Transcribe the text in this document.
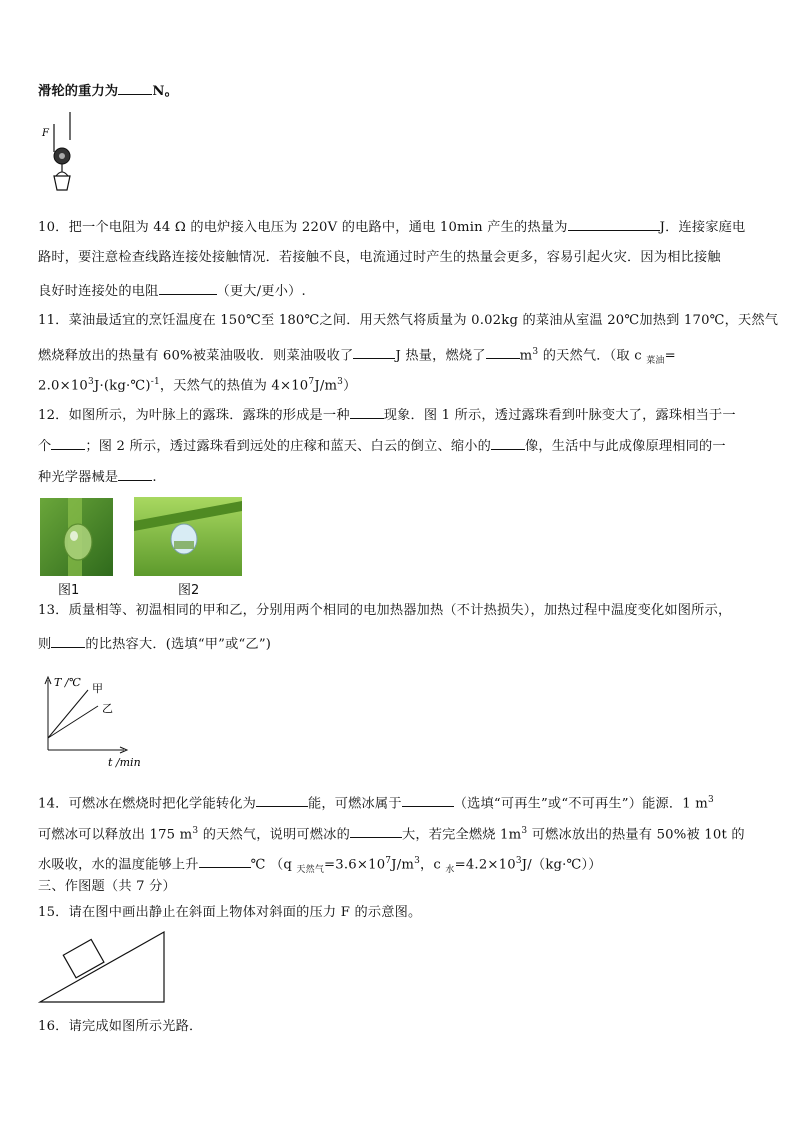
滑轮的重力为	N。
F
10．把一个电阻为 44 Ω 的电炉接入电压为 220V 的电路中，通电 10min 产生的热量为	J．连接家庭电
路时，要注意检查线路连接处接触情况．若接触不良，电流通过时产生的热量会更多，容易引起火灾．因为相比接触
良好时连接处的电阻	（更大/更小）.
11．菜油最适宜的烹饪温度在 150℃至 180℃之间．用天然气将质量为 0.02kg 的菜油从室温 20℃加热到 170℃，天然气
燃烧释放出的热量有 60%被菜油吸收．则菜油吸收了	J 热量，燃烧了	$m^3$ 的天然气．（取 c $_{菜油}$=
$2.0\times 10^3J\cdot(kg\cdot℃)^{-1}$，天然气的热值为 $4\times 10^7J/m^3$）
12．如图所示，为叶脉上的露珠．露珠的形成是一种	现象．图 1 所示，透过露珠看到叶脉变大了，露珠相当于一
个	；图 2 所示，透过露珠看到远处的庄稼和蓝天、白云的倒立、缩小的	像，生活中与此成像原理相同的一
种光学器械是	.
图1	图2
13．质量相等、初温相同的甲和乙，分别用两个相同的电加热器加热（不计热损失），加热过程中温度变化如图所示，
则	的比热容大．(选填“甲”或“乙”)
T /℃ 甲
乙
t /min
14．可燃冰在燃烧时把化学能转化为	能，可燃冰属于	（选填“可再生”或“不可再生”）能源．1 $m^3$
可燃冰可以释放出 175 $m^3$ 的天然气，说明可燃冰的	大，若完全燃烧 $1m^3$ 可燃冰放出的热量有 50%被 10t 的
水吸收，水的温度能够上升	℃ （q $_{天然气}=3.6\times 10^7J/m^3$，c $_水=4.2\times 10^3J/(kg\cdot℃)$）
三、作图题（共 7 分）
15．请在图中画出静止在斜面上物体对斜面的压力 F 的示意图。
16．请完成如图所示光路．
